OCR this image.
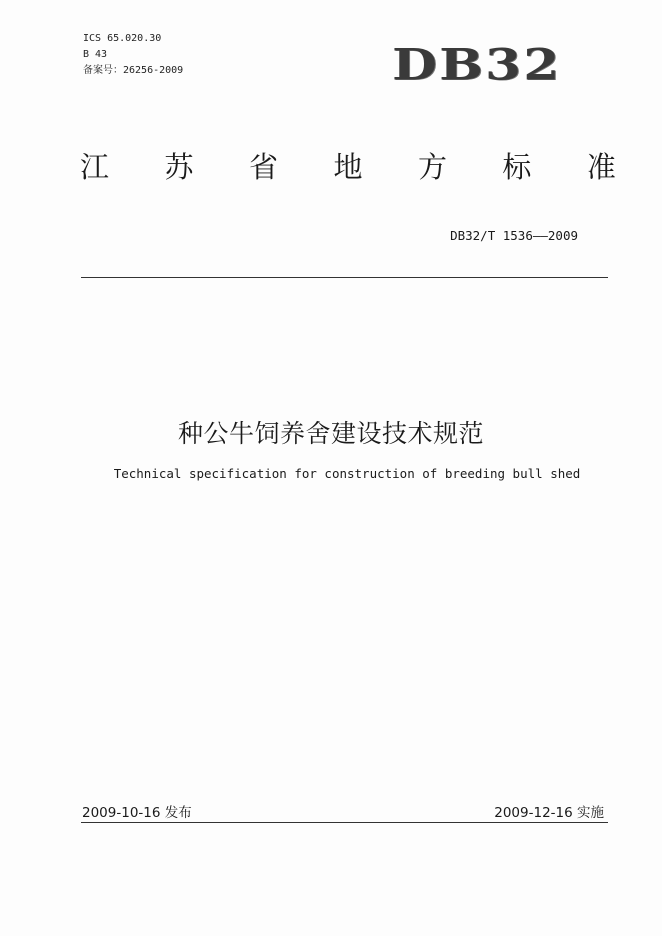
ICS 65.020.30
B 43
备案号：26256-2009	DB32
江 苏 省 地 方 标 准
DB32/T 1536——2009
种公牛饲养舍建设技术规范
Technical specification for construction of breeding bull shed
2009-10-16 发布	2009-12-16 实施
